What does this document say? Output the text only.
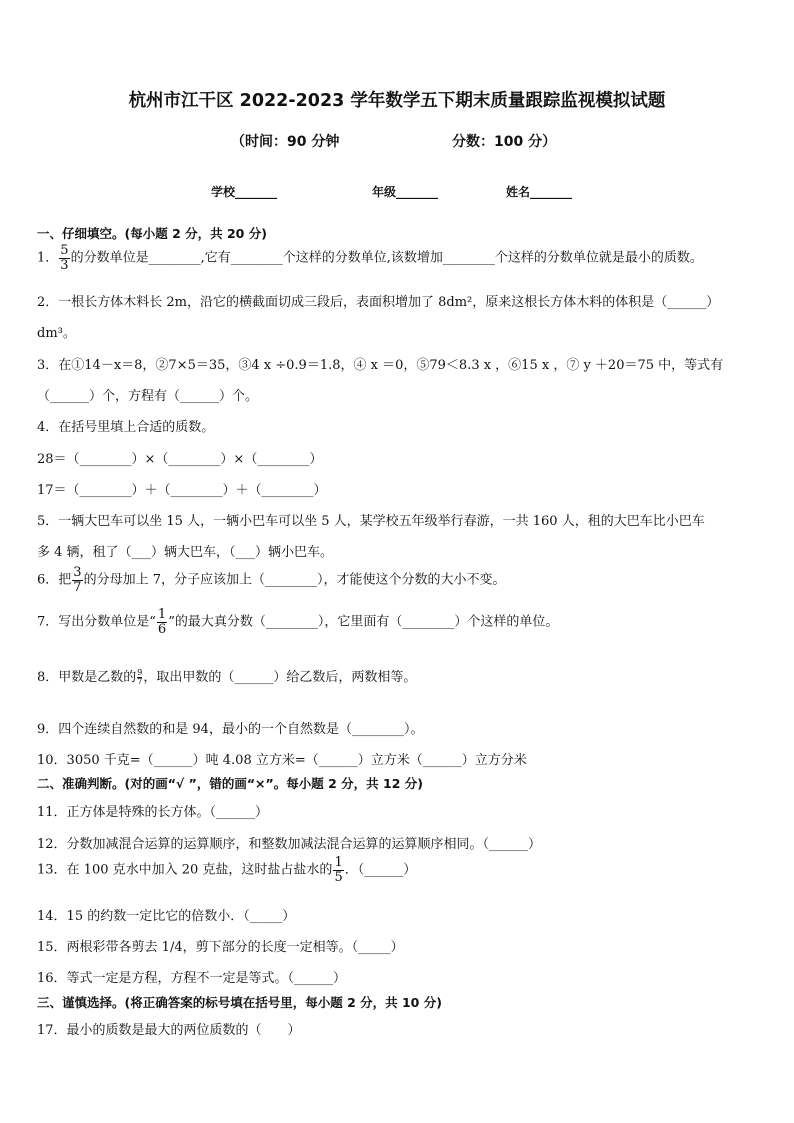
杭州市江干区 2022-2023 学年数学五下期末质量跟踪监视模拟试题
（时间：90 分钟	分数：100 分）
学校_______	年级_______	姓名_______
一、仔细填空。(每小题 2 分，共 20 分)
1． $\frac{5}{3}$ 的分数单位是________,它有________个这样的分数单位,该数增加________个这样的分数单位就是最小的质数。
2．一根长方体木料长 2m，沿它的横截面切成三段后，表面积增加了 8dm²，原来这根长方体木料的体积是（______）
dm³。
3．在①14－x＝8，②7×5＝35，③4 x ÷0.9＝1.8，④ x ＝0，⑤79＜8.3 x ，⑥15 x ，⑦ y ＋20＝75 中，等式有
（______）个，方程有（______）个。
4．在括号里填上合适的质数。
28＝（________）×（________）×（________）
17＝（________）＋（________）＋（________）
5．一辆大巴车可以坐 15 人，一辆小巴车可以坐 5 人，某学校五年级举行春游，一共 160 人，租的大巴车比小巴车
多 4 辆，租了（___）辆大巴车，（___）辆小巴车。
6．把 $\frac{3}{7}$ 的分母加上 7，分子应该加上（________），才能使这个分数的大小不变。
7．写出分数单位是“ $\frac{1}{6}$ ”的最大真分数（________），它里面有（________）个这样的单位。
8．甲数是乙数的 $\frac{9}{7}$ ，取出甲数的（______）给乙数后，两数相等。
9．四个连续自然数的和是 94，最小的一个自然数是（________）。
10．3050 千克=（______）吨 4.08 立方米=（______）立方米（______）立方分米
二、准确判断。(对的画“√ ”，错的画“×”。每小题 2 分，共 12 分)
11．正方体是特殊的长方体。（______）
12．分数加减混合运算的运算顺序，和整数加减法混合运算的运算顺序相同。（______）
13．在 100 克水中加入 20 克盐，这时盐占盐水的 $\frac{1}{5}$ ．（______）
14．15 的约数一定比它的倍数小．（_____）
15．两根彩带各剪去 1/4，剪下部分的长度一定相等。（_____）
16．等式一定是方程，方程不一定是等式。（______）
三、谨慎选择。(将正确答案的标号填在括号里，每小题 2 分，共 10 分)
17．最小的质数是最大的两位质数的（　　）
